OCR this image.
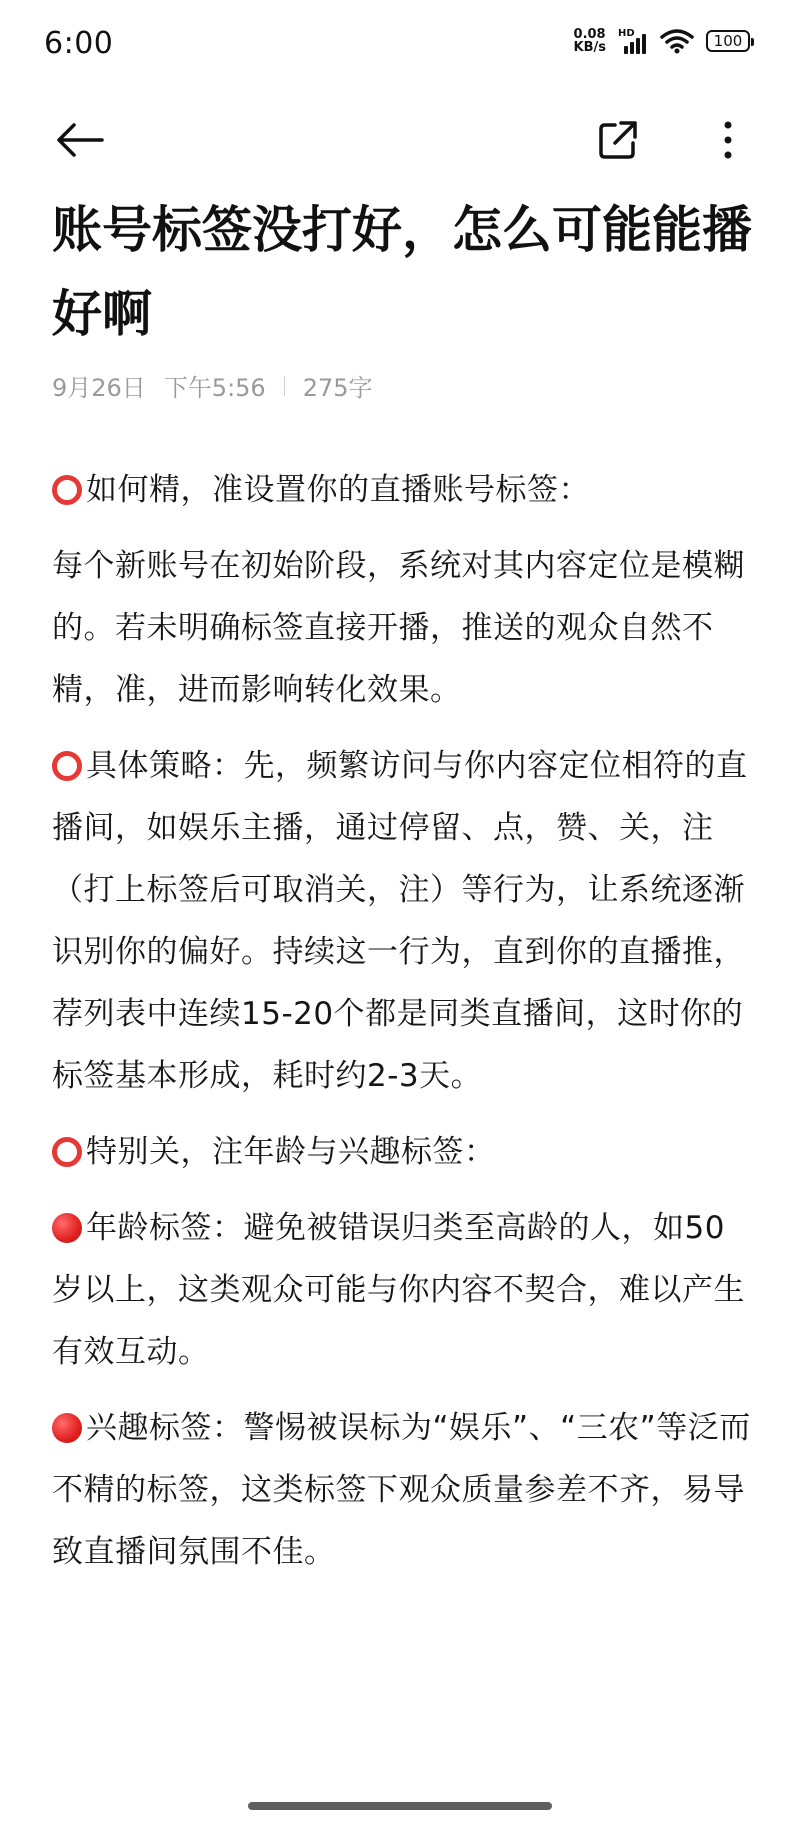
6:00	0.08
KB/s
HD	100
账号标签没打好，怎么可能能播好啊
9月26日 下午5:56 275字

如何精，准设置你的直播账号标签：

每个新账号在初始阶段，系统对其内容定位是模糊的。若未明确标签直接开播，推送的观众自然不精，准，进而影响转化效果。

具体策略：先，频繁访问与你内容定位相符的直播间，如娱乐主播，通过停留、点，赞、关，注（打上标签后可取消关，注）等行为，让系统逐渐识别你的偏好。持续这一行为，直到你的直播推，荐列表中连续15-20个都是同类直播间，这时你的标签基本形成，耗时约2-3天。

特别关，注年龄与兴趣标签：

年龄标签：避免被错误归类至高龄的人，如50岁以上，这类观众可能与你内容不契合，难以产生有效互动。

兴趣标签：警惕被误标为“娱乐”、“三农”等泛而不精的标签，这类标签下观众质量参差不齐，易导致直播间氛围不佳。
